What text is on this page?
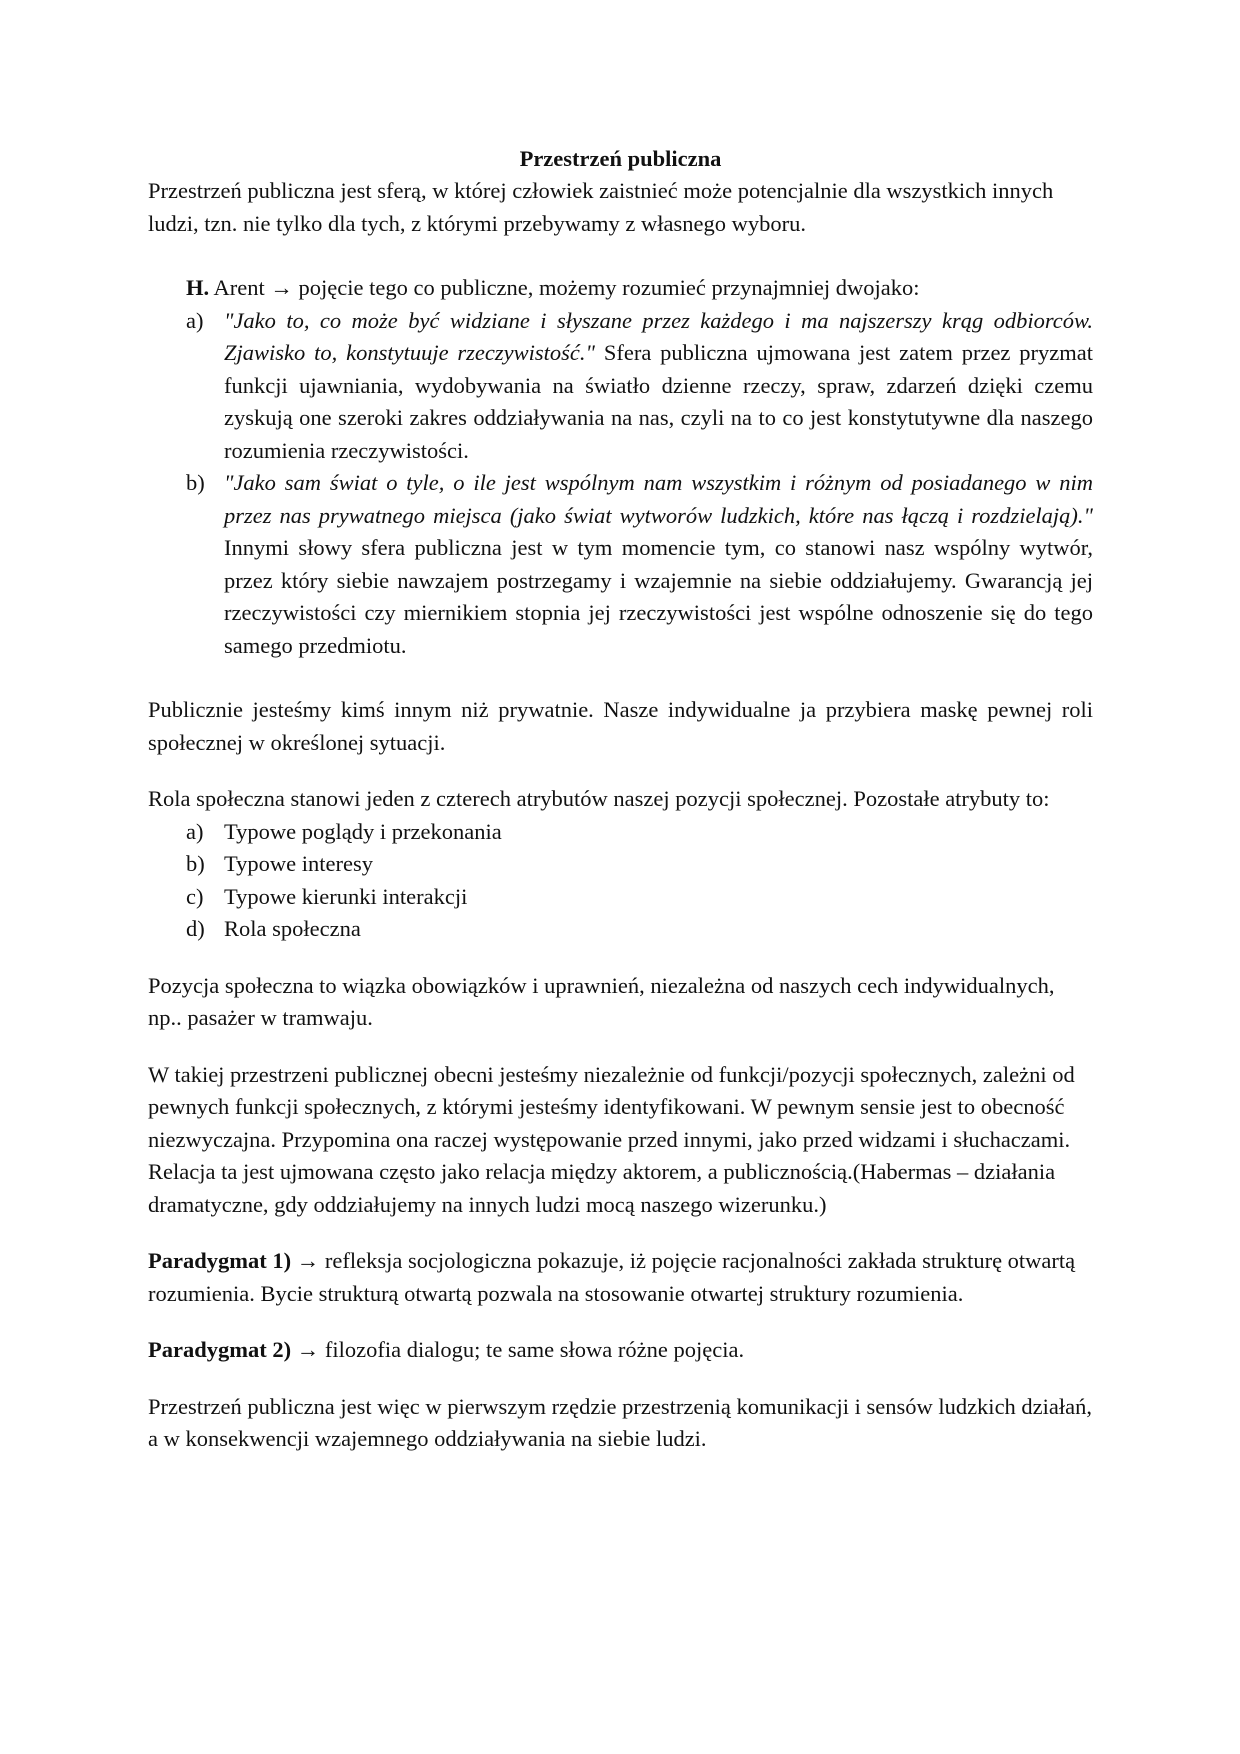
Przestrzeń publiczna

Przestrzeń publiczna jest sferą, w której człowiek zaistnieć może potencjalnie dla wszystkich innych ludzi, tzn. nie tylko dla tych, z którymi przebywamy z własnego wyboru.

H. Arent → pojęcie tego co publiczne, możemy rozumieć przynajmniej dwojako:

a) "Jako to, co może być widziane i słyszane przez każdego i ma najszerszy krąg odbiorców. Zjawisko to, konstytuuje rzeczywistość." Sfera publiczna ujmowana jest zatem przez pryzmat funkcji ujawniania, wydobywania na światło dzienne rzeczy, spraw, zdarzeń dzięki czemu zyskują one szeroki zakres oddziaływania na nas, czyli na to co jest konstytutywne dla naszego rozumienia rzeczywistości.
b) "Jako sam świat o tyle, o ile jest wspólnym nam wszystkim i różnym od posiadanego w nim przez nas prywatnego miejsca (jako świat wytworów ludzkich, które nas łączą i rozdzielają)." Innymi słowy sfera publiczna jest w tym momencie tym, co stanowi nasz wspólny wytwór, przez który siebie nawzajem postrzegamy i wzajemnie na siebie oddziałujemy. Gwarancją jej rzeczywistości czy miernikiem stopnia jej rzeczywistości jest wspólne odnoszenie się do tego samego przedmiotu.

Publicznie jesteśmy kimś innym niż prywatnie. Nasze indywidualne ja przybiera maskę pewnej roli społecznej w określonej sytuacji.

Rola społeczna stanowi jeden z czterech atrybutów naszej pozycji społecznej. Pozostałe atrybuty to:

a) Typowe poglądy i przekonania
b) Typowe interesy
c) Typowe kierunki interakcji
d) Rola społeczna

Pozycja społeczna to wiązka obowiązków i uprawnień, niezależna od naszych cech indywidualnych, np.. pasażer w tramwaju.

W takiej przestrzeni publicznej obecni jesteśmy niezależnie od funkcji/pozycji społecznych, zależni od pewnych funkcji społecznych, z którymi jesteśmy identyfikowani. W pewnym sensie jest to obecność niezwyczajna. Przypomina ona raczej występowanie przed innymi, jako przed widzami i słuchaczami. Relacja ta jest ujmowana często jako relacja między aktorem, a publicznością.(Habermas – działania dramatyczne, gdy oddziałujemy na innych ludzi mocą naszego wizerunku.)

Paradygmat 1) → refleksja socjologiczna pokazuje, iż pojęcie racjonalności zakłada strukturę otwartą rozumienia. Bycie strukturą otwartą pozwala na stosowanie otwartej struktury rozumienia.

Paradygmat 2) → filozofia dialogu; te same słowa różne pojęcia.

Przestrzeń publiczna jest więc w pierwszym rzędzie przestrzenią komunikacji i sensów ludzkich działań, a w konsekwencji wzajemnego oddziaływania na siebie ludzi.
